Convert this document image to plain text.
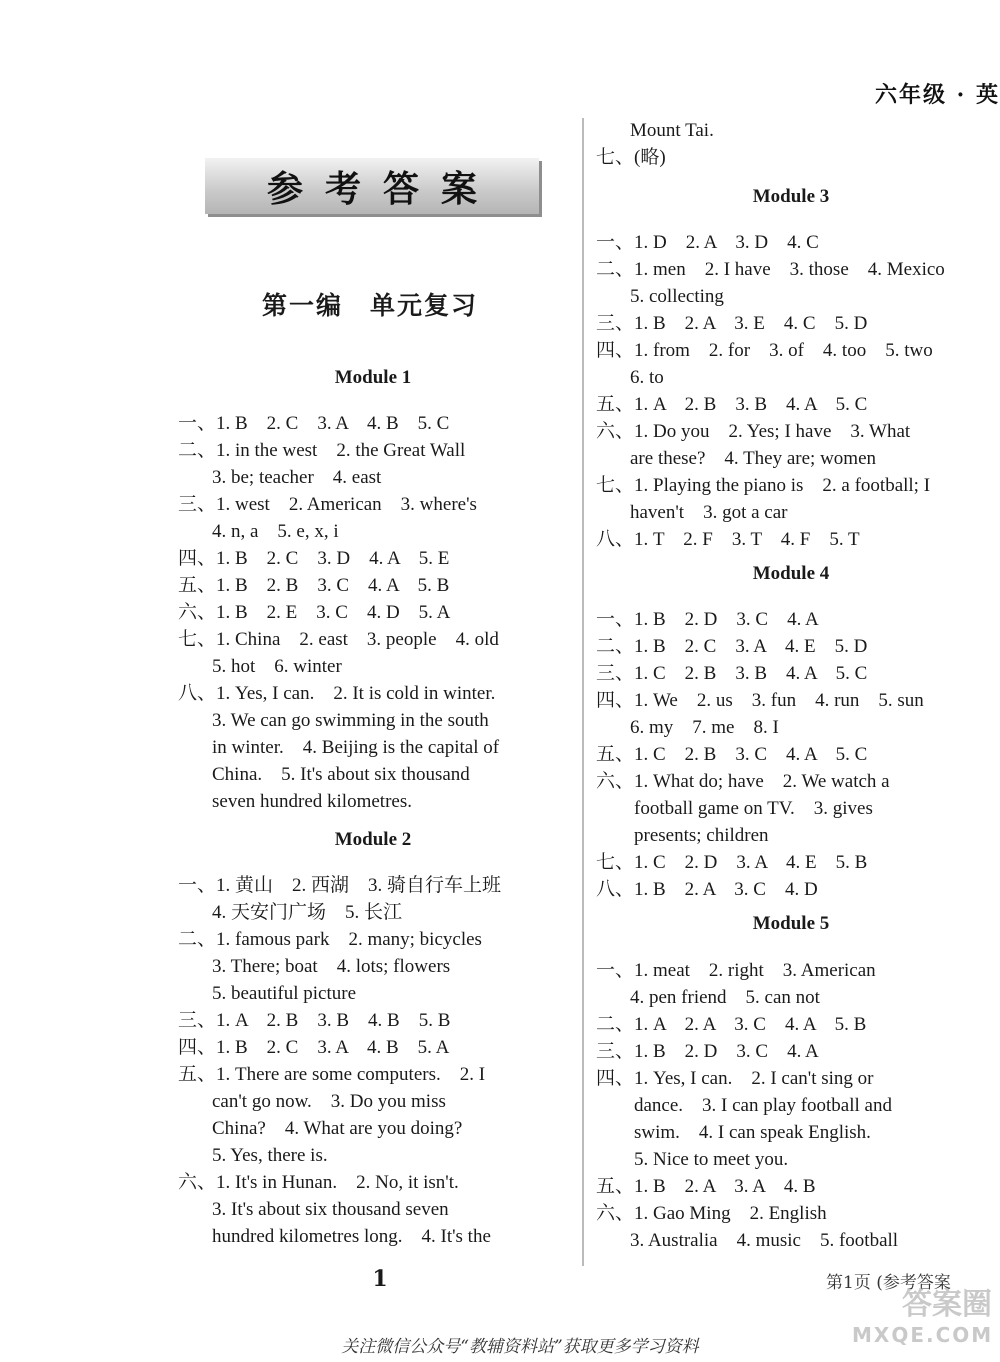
六年级 · 英
参考答案
第一编　单元复习
Module 1
一、1. B　2. C　3. A　4. B　5. C
二、1. in the west　2. the Great Wall
3. be; teacher　4. east
三、1. west　2. American　3. where's
4. n, a　5. e, x, i
四、1. B　2. C　3. D　4. A　5. E
五、1. B　2. B　3. C　4. A　5. B
六、1. B　2. E　3. C　4. D　5. A
七、1. China　2. east　3. people　4. old
5. hot　6. winter
八、1. Yes, I can.　2. It is cold in winter.
3. We can go swimming in the south
in winter.　4. Beijing is the capital of
China.　5. It's about six thousand
seven hundred kilometres.
Module 2
一、1. 黄山　2. 西湖　3. 骑自行车上班
4. 天安门广场　5. 长江
二、1. famous park　2. many; bicycles
3. There; boat　4. lots; flowers
5. beautiful picture
三、1. A　2. B　3. B　4. B　5. B
四、1. B　2. C　3. A　4. B　5. A
五、1. There are some computers.　2. I
can't go now.　3. Do you miss
China?　4. What are you doing?
5. Yes, there is.
六、1. It's in Hunan.　2. No, it isn't.
3. It's about six thousand seven
hundred kilometres long.　4. It's the
Mount Tai.
七、(略)
Module 3
一、1. D　2. A　3. D　4. C
二、1. men　2. I have　3. those　4. Mexico
5. collecting
三、1. B　2. A　3. E　4. C　5. D
四、1. from　2. for　3. of　4. too　5. two
6. to
五、1. A　2. B　3. B　4. A　5. C
六、1. Do you　2. Yes; I have　3. What
are these?　4. They are; women
七、1. Playing the piano is　2. a football; I
haven't　3. got a car
八、1. T　2. F　3. T　4. F　5. T
Module 4
一、1. B　2. D　3. C　4. A
二、1. B　2. C　3. A　4. E　5. D
三、1. C　2. B　3. B　4. A　5. C
四、1. We　2. us　3. fun　4. run　5. sun
6. my　7. me　8. I
五、1. C　2. B　3. C　4. A　5. C
六、1. What do; have　2. We watch a
football game on TV.　3. gives
presents; children
七、1. C　2. D　3. A　4. E　5. B
八、1. B　2. A　3. C　4. D
Module 5
一、1. meat　2. right　3. American
4. pen friend　5. can not
二、1. A　2. A　3. C　4. A　5. B
三、1. B　2. D　3. C　4. A
四、1. Yes, I can.　2. I can't sing or
dance.　3. I can play football and
swim.　4. I can speak English.
5. Nice to meet you.
五、1. B　2. A　3. A　4. B
六、1. Gao Ming　2. English
3. Australia　4. music　5. football
1	第1页 (参考答案
关注微信公众号“教辅资料站”获取更多学习资料
答案圈
MXQE.COM
